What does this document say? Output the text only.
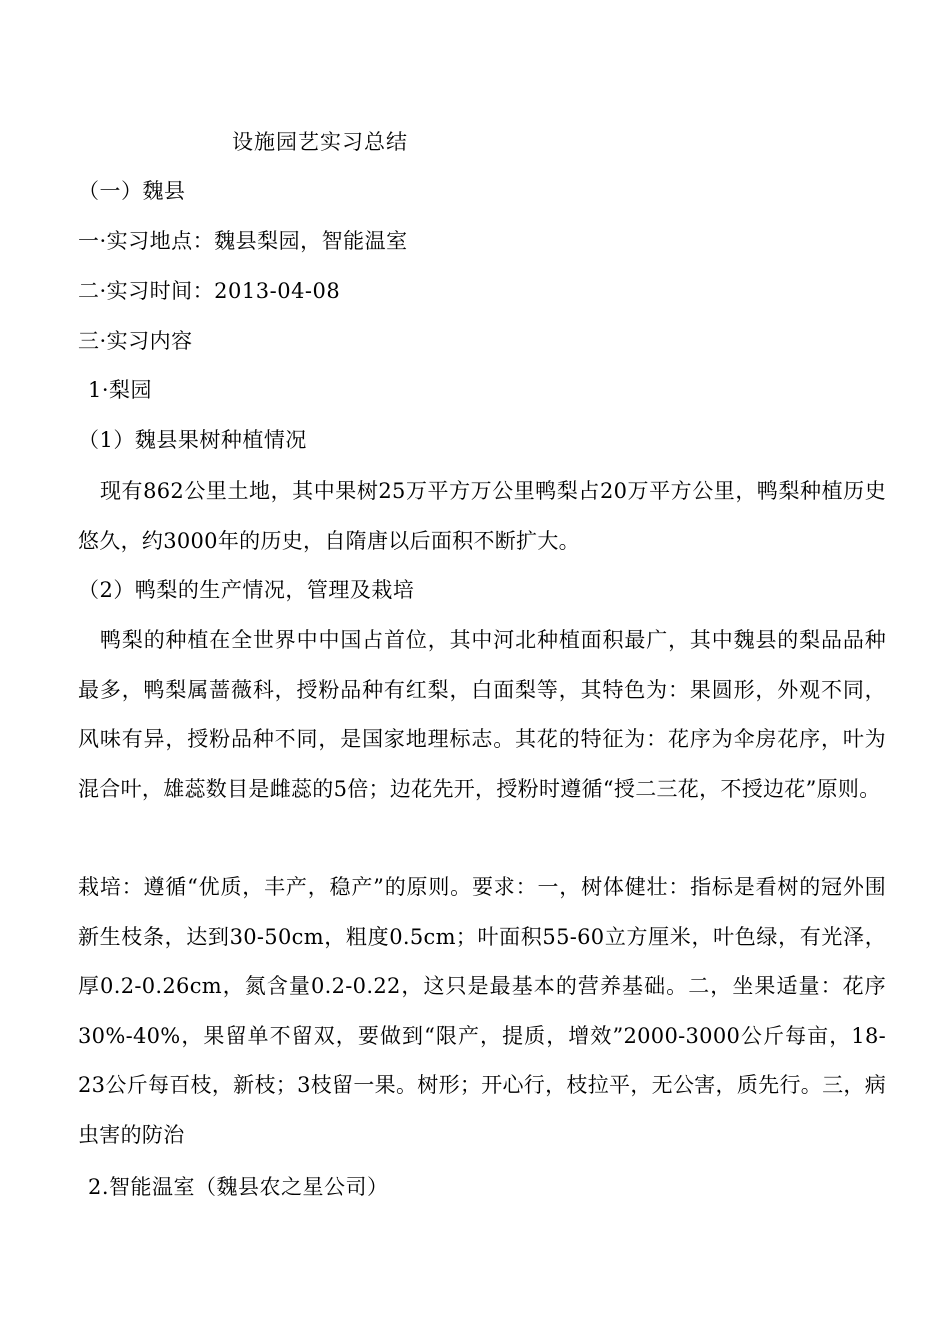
设施园艺实习总结
（一）魏县
一·实习地点：魏县梨园，智能温室
二·实习时间：2013-04-08
三·实习内容
1·梨园
（1）魏县果树种植情况
现有862公里土地，其中果树25万平方万公里鸭梨占20万平方公里，鸭梨种植历史悠久，约3000年的历史，自隋唐以后面积不断扩大。
（2）鸭梨的生产情况，管理及栽培
鸭梨的种植在全世界中中国占首位，其中河北种植面积最广，其中魏县的梨品品种最多，鸭梨属蔷薇科，授粉品种有红梨，白面梨等，其特色为：果圆形，外观不同，风味有异，授粉品种不同，是国家地理标志。其花的特征为：花序为伞房花序，叶为混合叶，雄蕊数目是雌蕊的5倍；边花先开，授粉时遵循“授二三花，不授边花”原则。
栽培：遵循“优质，丰产，稳产”的原则。要求：一，树体健壮：指标是看树的冠外围新生枝条，达到30-50cm，粗度0.5cm；叶面积55-60立方厘米，叶色绿，有光泽，厚0.2-0.26cm，氮含量0.2-0.22，这只是最基本的营养基础。二，坐果适量：花序30%-40%，果留单不留双，要做到“限产，提质，增效”2000-3000公斤每亩，18-23公斤每百枝，新枝；3枝留一果。树形；开心行，枝拉平，无公害，质先行。三，病虫害的防治
2.智能温室（魏县农之星公司）
